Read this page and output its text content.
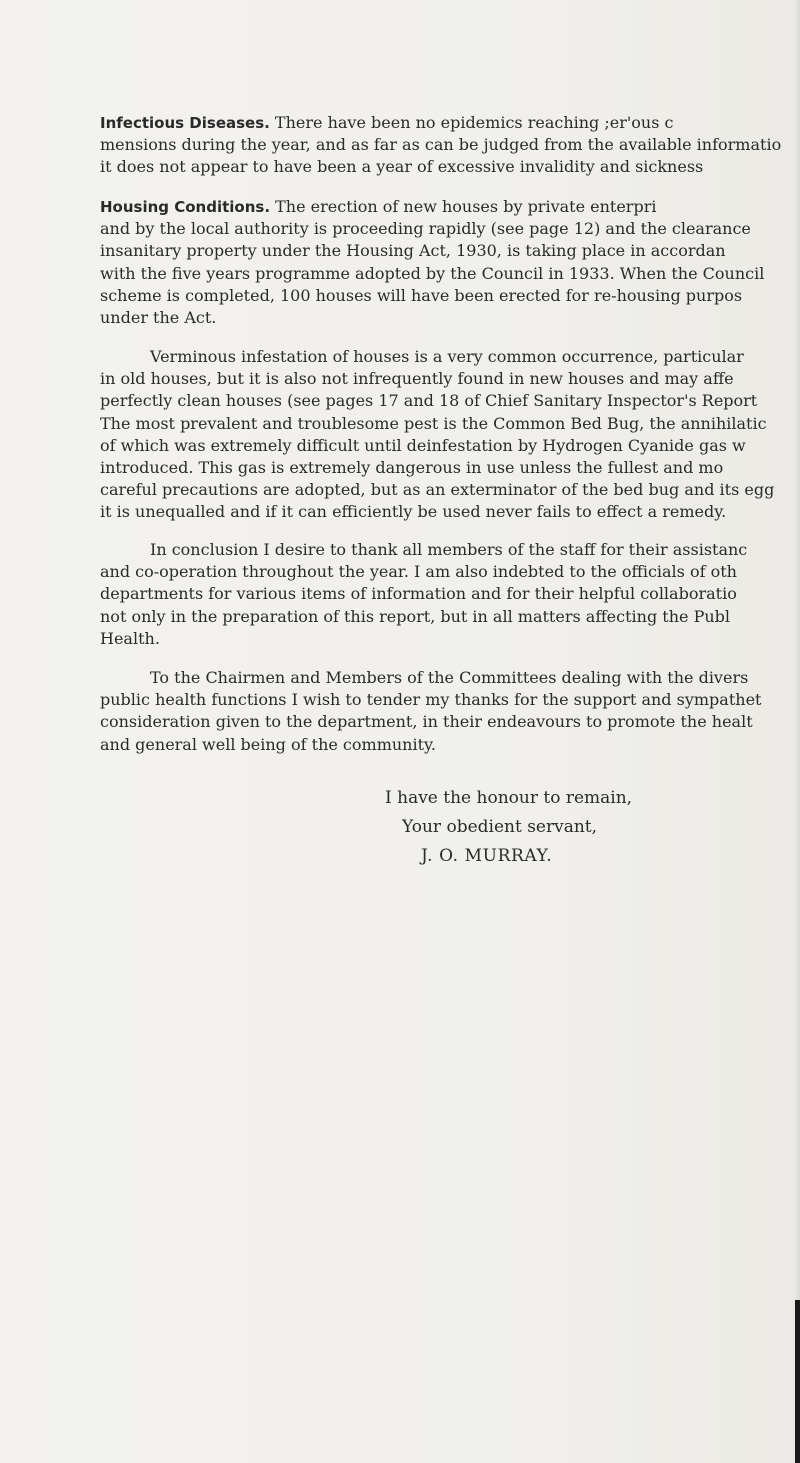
Infectious Diseases. There have been no epidemics reaching ;er'ous c
mensions during the year, and as far as can be judged from the available informatio
it does not appear to have been a year of excessive invalidity and sickness
Housing Conditions. The erection of new houses by private enterpri
and by the local authority is proceeding rapidly (see page 12) and the clearance
insanitary property under the Housing Act, 1930, is taking place in accordan
with the five years programme adopted by the Council in 1933. When the Council
scheme is completed, 100 houses will have been erected for re-housing purpos
under the Act.
Verminous infestation of houses is a very common occurrence, particular
in old houses, but it is also not infrequently found in new houses and may affe
perfectly clean houses (see pages 17 and 18 of Chief Sanitary Inspector's Report
The most prevalent and troublesome pest is the Common Bed Bug, the annihilatic
of which was extremely difficult until deinfestation by Hydrogen Cyanide gas w
introduced. This gas is extremely dangerous in use unless the fullest and mo
careful precautions are adopted, but as an exterminator of the bed bug and its egg
it is unequalled and if it can efficiently be used never fails to effect a remedy.
In conclusion I desire to thank all members of the staff for their assistanc
and co-operation throughout the year. I am also indebted to the officials of oth
departments for various items of information and for their helpful collaboratio
not only in the preparation of this report, but in all matters affecting the Publ
Health.
To the Chairmen and Members of the Committees dealing with the divers
public health functions I wish to tender my thanks for the support and sympathet
consideration given to the department, in their endeavours to promote the healt
and general well being of the community.
I have the honour to remain,
Your obedient servant,
J. O. MURRAY.
